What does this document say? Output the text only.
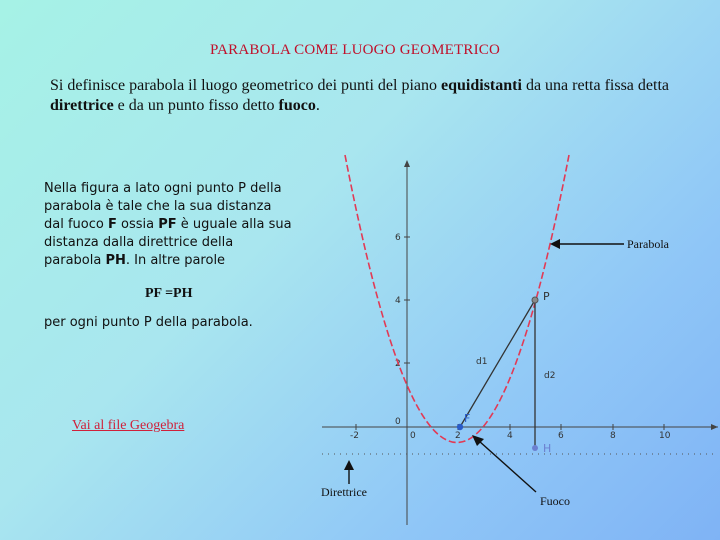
PARABOLA COME LUOGO GEOMETRICO
Si definisce parabola il luogo geometrico dei punti del piano equidistanti da una retta fissa detta direttrice e da un punto fisso detto fuoco.
Nella figura a lato ogni punto P della parabola è tale che la sua distanza dal fuoco F ossia PF è uguale alla sua distanza dalla direttrice della parabola PH. In altre parole
PF =PH
per ogni punto P della parabola.
Vai al file Geogebra
-2	0	2	4	6	8	10
6
4
2
0
P
F
H
d1
d2
Parabola
Direttrice
Fuoco
